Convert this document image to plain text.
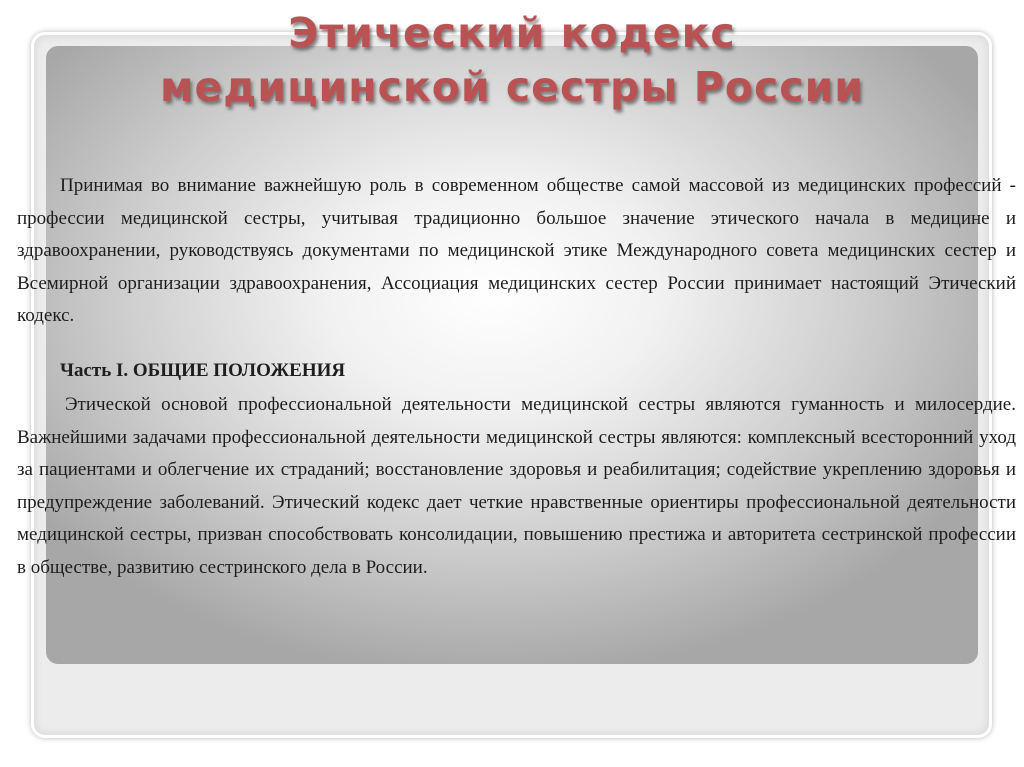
Этический кодекс
медицинской сестры России

Принимая во внимание важнейшую роль в современном обществе самой массовой из медицинских профессий - профессии медицинской сестры, учитывая традиционно большое значение этического начала в медицине и здравоохранении, руководствуясь документами по медицинской этике Международного совета медицинских сестер и Всемирной организации здравоохранения, Ассоциация медицинских сестер России принимает настоящий Этический кодекс.

Часть I. ОБЩИЕ ПОЛОЖЕНИЯ

Этической основой профессиональной деятельности медицинской сестры являются гуманность и милосердие. Важнейшими задачами профессиональной деятельности медицинской сестры являются: комплексный всесторонний уход за пациентами и облегчение их страданий; восстановление здоровья и реабилитация; содействие укреплению здоровья и предупреждение заболеваний. Этический кодекс дает четкие нравственные ориентиры профессиональной деятельности медицинской сестры, призван способствовать консолидации, повышению престижа и авторитета сестринской профессии в обществе, развитию сестринского дела в России.
